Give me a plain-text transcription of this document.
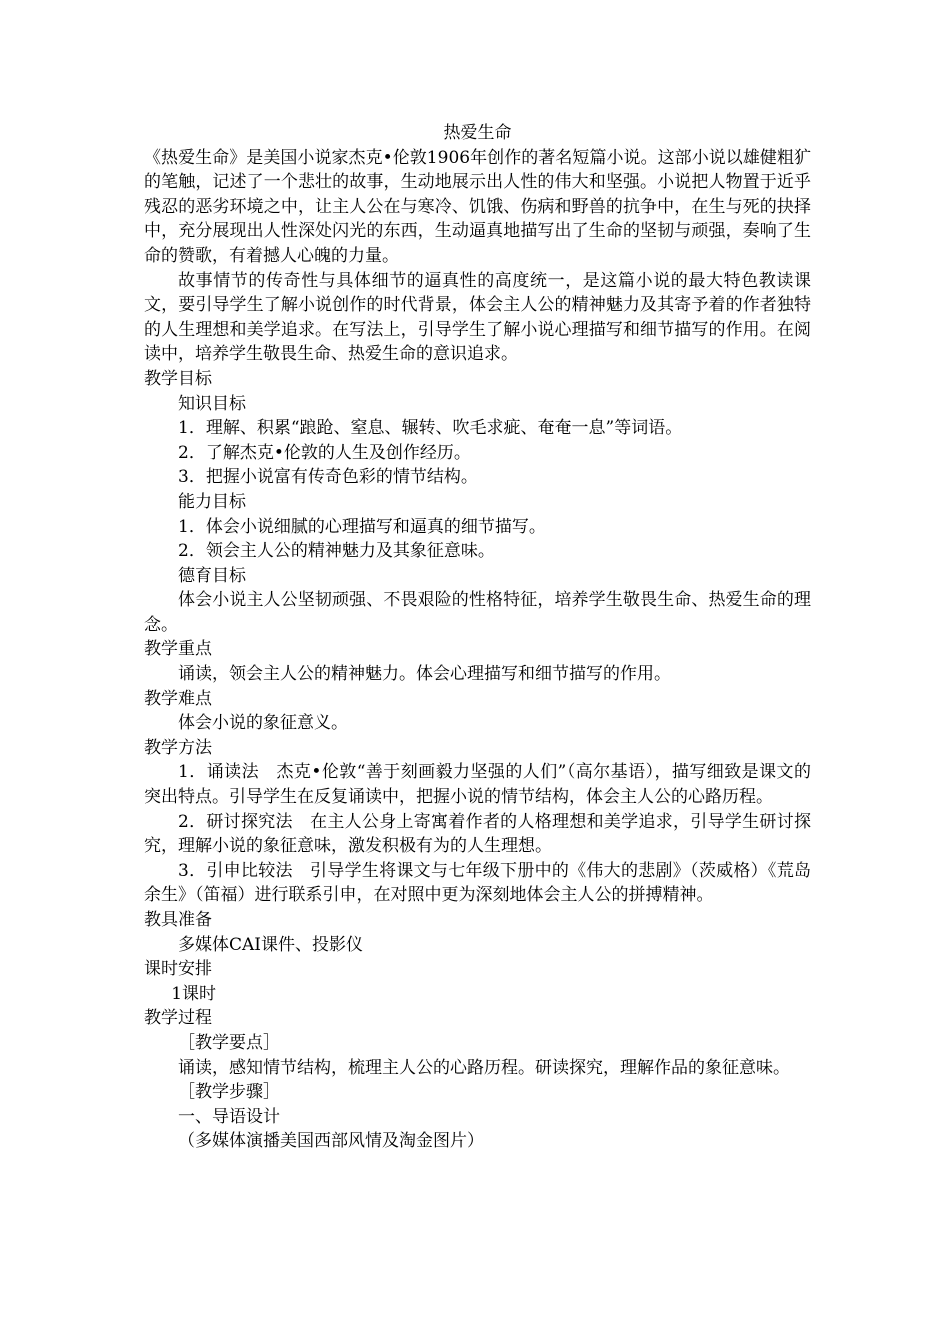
热爱生命

《热爱生命》是美国小说家杰克•伦敦1906年创作的著名短篇小说。这部小说以雄健粗犷的笔触，记述了一个悲壮的故事，生动地展示出人性的伟大和坚强。小说把人物置于近乎残忍的恶劣环境之中，让主人公在与寒冷、饥饿、伤病和野兽的抗争中，在生与死的抉择中，充分展现出人性深处闪光的东西，生动逼真地描写出了生命的坚韧与顽强，奏响了生命的赞歌，有着撼人心魄的力量。

故事情节的传奇性与具体细节的逼真性的高度统一，是这篇小说的最大特色教读课文，要引导学生了解小说创作的时代背景，体会主人公的精神魅力及其寄予着的作者独特的人生理想和美学追求。在写法上，引导学生了解小说心理描写和细节描写的作用。在阅读中，培养学生敬畏生命、热爱生命的意识追求。

教学目标

知识目标

1．理解、积累“踉跄、窒息、辗转、吹毛求疵、奄奄一息”等词语。

2．了解杰克•伦敦的人生及创作经历。

3．把握小说富有传奇色彩的情节结构。

能力目标

1．体会小说细腻的心理描写和逼真的细节描写。

2．领会主人公的精神魅力及其象征意味。

德育目标

体会小说主人公坚韧顽强、不畏艰险的性格特征，培养学生敬畏生命、热爱生命的理念。

教学重点

诵读，领会主人公的精神魅力。体会心理描写和细节描写的作用。

教学难点

体会小说的象征意义。

教学方法

1．诵读法　杰克•伦敦“善于刻画毅力坚强的人们”（高尔基语），描写细致是课文的突出特点。引导学生在反复诵读中，把握小说的情节结构，体会主人公的心路历程。

2．研讨探究法　在主人公身上寄寓着作者的人格理想和美学追求，引导学生研讨探究，理解小说的象征意味，激发积极有为的人生理想。

3．引申比较法　引导学生将课文与七年级下册中的《伟大的悲剧》（茨威格）《荒岛余生》（笛福）进行联系引申，在对照中更为深刻地体会主人公的拼搏精神。

教具准备

多媒体CAI课件、投影仪

课时安排

1课时

教学过程

［教学要点］

诵读，感知情节结构，梳理主人公的心路历程。研读探究，理解作品的象征意味。

［教学步骤］

一、导语设计

（多媒体演播美国西部风情及淘金图片）
